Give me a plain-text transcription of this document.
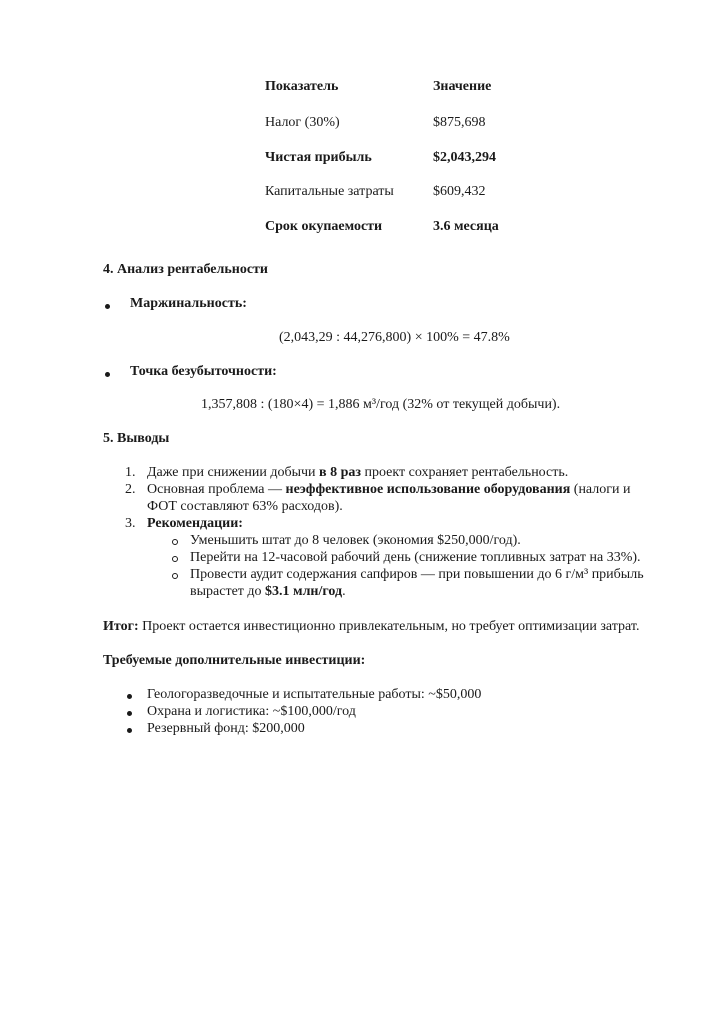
Показатель	Значение
Налог (30%)	$875,698
Чистая прибыль	$2,043,294
Капитальные затраты	$609,432
Срок окупаемости	3.6 месяца
4. Анализ рентабельности
Маржинальность:
(2,043,29 : 44,276,800) × 100% = 47.8%
Точка безубыточности:
1,357,808 : (180×4) = 1,886 м³/год (32% от текущей добычи).
5. Выводы
1. Даже при снижении добычи в 8 раз проект сохраняет рентабельность.
2. Основная проблема — неэффективное использование оборудования (налоги и
ФОТ составляют 63% расходов).
3. Рекомендации:
Уменьшить штат до 8 человек (экономия $250,000/год).
Перейти на 12-часовой рабочий день (снижение топливных затрат на 33%).
Провести аудит содержания сапфиров — при повышении до 6 г/м³ прибыль
вырастет до $3.1 млн/год.
Итог: Проект остается инвестиционно привлекательным, но требует оптимизации затрат.
Требуемые дополнительные инвестиции:
Геологоразведочные и испытательные работы: ~$50,000
Охрана и логистика: ~$100,000/год
Резервный фонд: $200,000
